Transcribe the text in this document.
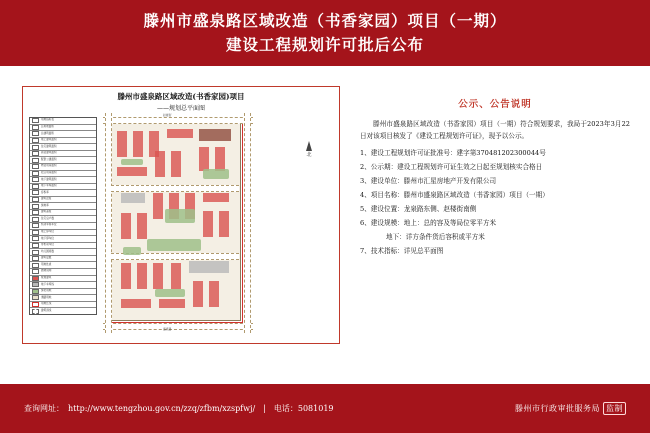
滕州市盛泉路区域改造（书香家园）项目（一期）
建设工程规划许可批后公布
滕州市盛泉路区域改造(书香家园)项目
——规划总平面图
用地指标表
总用地面积
总建筑面积
地上建筑面积
住宅建筑面积
商业建筑面积
配套公建面积
物业用房面积
社区用房面积
地下建筑面积
地下车库面积
容积率
建筑密度
绿地率
建筑高度
住宅总户数
机动车停车位
地上停车位
地下停车位
非机动车位
幼儿园班数
建筑层数
用地性质
图例说明
规划建筑
地下车库线
绿化用地
道路用地
用地红线
建筑退线
赵楼街
盛泉路
北
公示、公告说明

滕州市盛泉路区域改造（书香家园）项目（一期）符合规划要求，我局于2023年3月22日对该项目核发了《建设工程规划许可证》，现予以公示。

1、建设工程规划许可证批准号：建字第370481202300044号

2、公示期：建设工程规划许可证生效之日起至规划核实合格日

3、建设单位：滕州市汇星房地产开发有限公司

4、项目名称：滕州市盛泉路区域改造（书香家园）项目（一期）

5、建设位置：龙泉路东侧、赵楼街南侧

6、建设规模：地上：总的容及等局位零平方米

地下：详方条件货后容积或平方米

7、技术指标：详见总平面图

查询网址： http://www.tengzhou.gov.cn/zzq/zfbm/xzspfwj/	|	电话：5081019	滕州市行政审批服务局 监制
